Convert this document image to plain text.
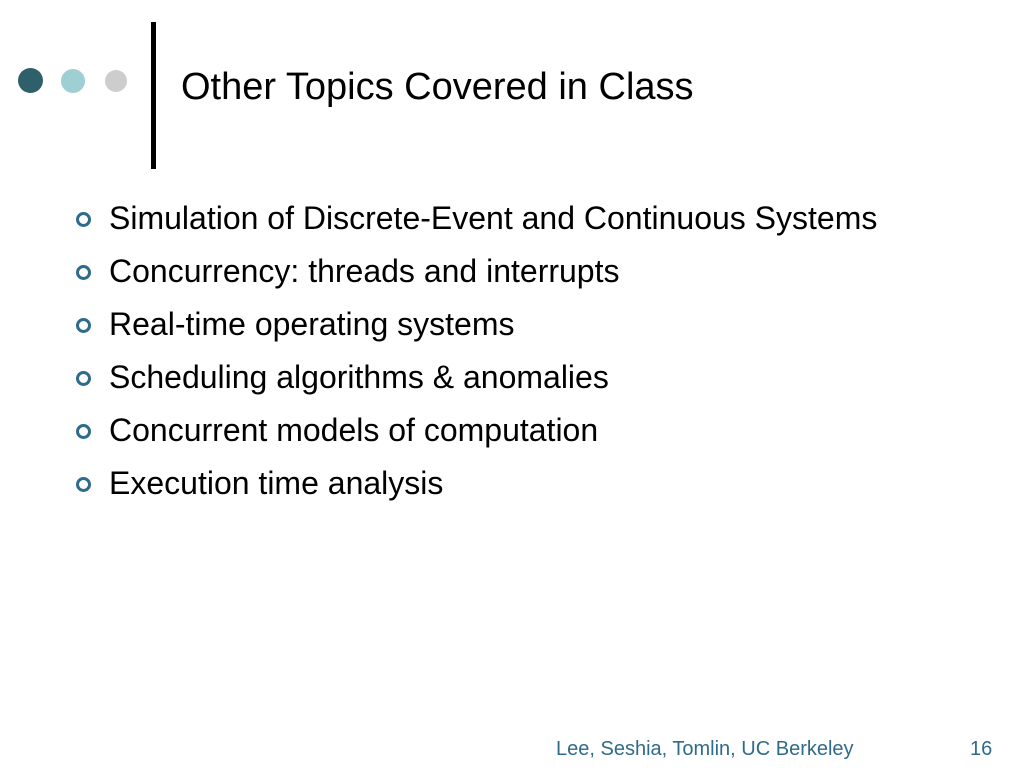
Other Topics Covered in Class
Simulation of Discrete-Event and Continuous Systems
Concurrency: threads and interrupts
Real-time operating systems
Scheduling algorithms & anomalies
Concurrent models of computation
Execution time analysis
Lee, Seshia, Tomlin, UC Berkeley	16
